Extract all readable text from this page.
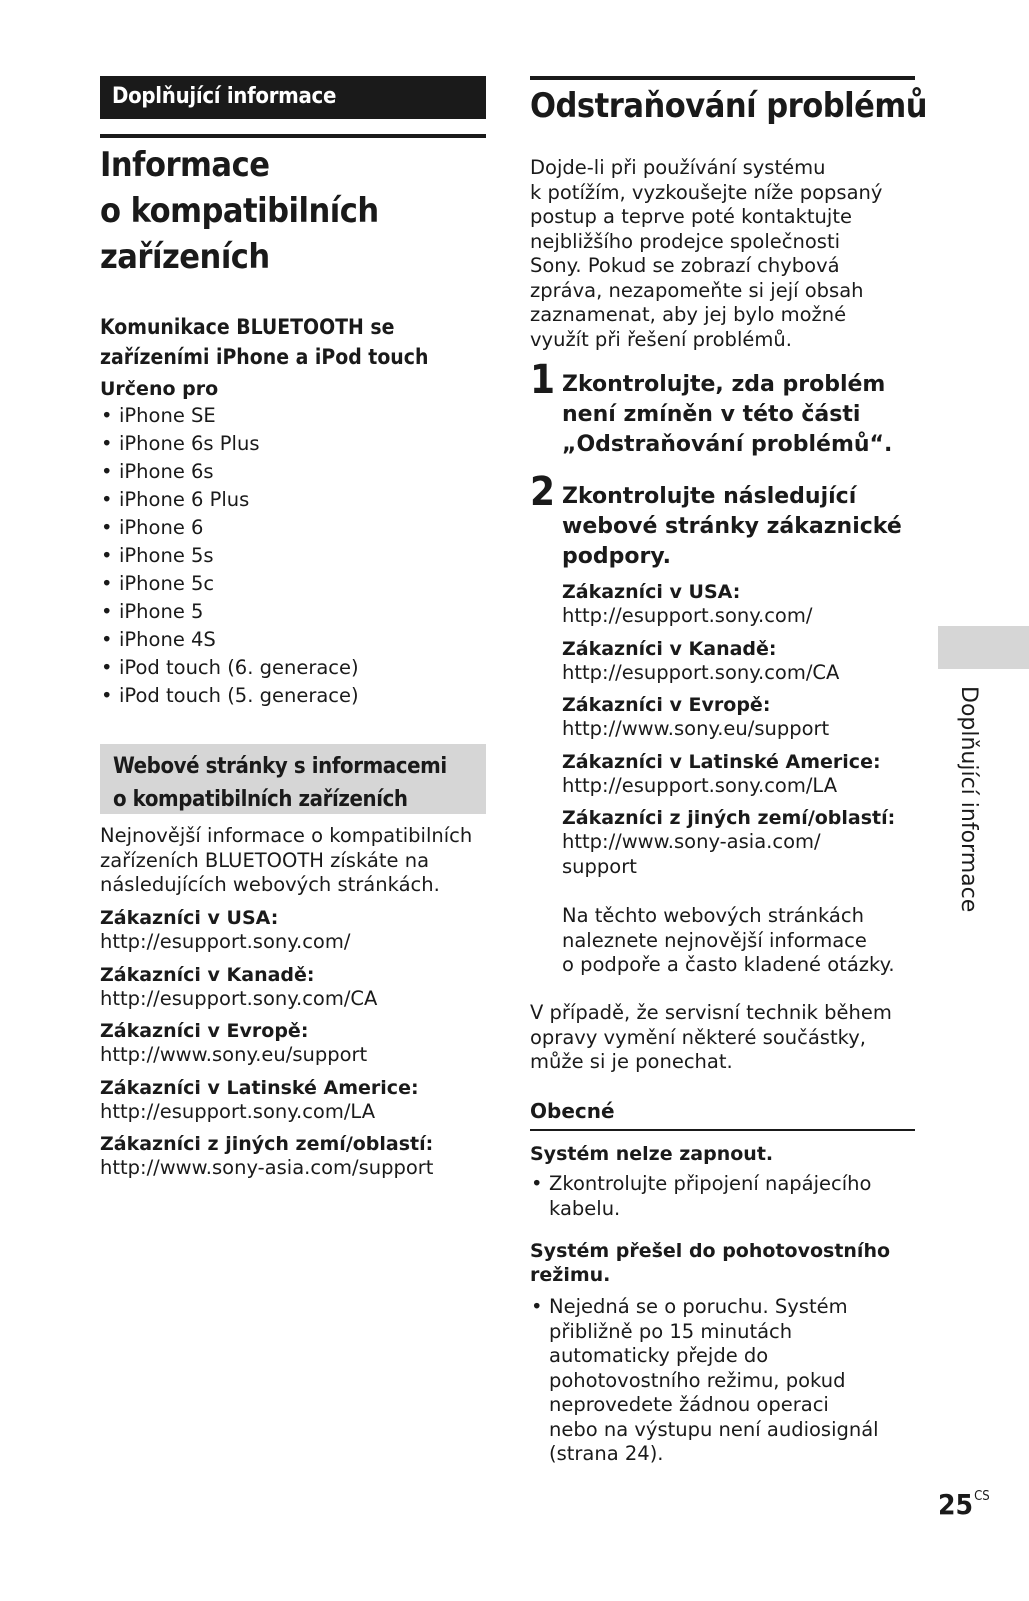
Doplňující informace
Informace
o kompatibilních
zařízeních
Komunikace BLUETOOTH se
zařízeními iPhone a iPod touch
Určeno pro
• iPhone SE
• iPhone 6s Plus
• iPhone 6s
• iPhone 6 Plus
• iPhone 6
• iPhone 5s
• iPhone 5c
• iPhone 5
• iPhone 4S
• iPod touch (6. generace)
• iPod touch (5. generace)
Webové stránky s informacemi
o kompatibilních zařízeních
Nejnovější informace o kompatibilních
zařízeních BLUETOOTH získáte na
následujících webových stránkách.
Zákazníci v USA:
http://esupport.sony.com/
Zákazníci v Kanadě:
http://esupport.sony.com/CA
Zákazníci v Evropě:
http://www.sony.eu/support
Zákazníci v Latinské Americe:
http://esupport.sony.com/LA
Zákazníci z jiných zemí/oblastí:
http://www.sony-asia.com/support
Odstraňování problémů
Dojde-li při používání systému
k potížím, vyzkoušejte níže popsaný
postup a teprve poté kontaktujte
nejbližšího prodejce společnosti
Sony. Pokud se zobrazí chybová
zpráva, nezapomeňte si její obsah
zaznamenat, aby jej bylo možné
využít při řešení problémů.
1 Zkontrolujte, zda problém
není zmíněn v této části
„Odstraňování problémů“.
2 Zkontrolujte následující
webové stránky zákaznické
podpory.
Zákazníci v USA:
http://esupport.sony.com/
Zákazníci v Kanadě:
http://esupport.sony.com/CA
Zákazníci v Evropě:
http://www.sony.eu/support
Zákazníci v Latinské Americe:
http://esupport.sony.com/LA
Zákazníci z jiných zemí/oblastí:
http://www.sony-asia.com/
support
Na těchto webových stránkách
naleznete nejnovější informace
o podpoře a často kladené otázky.
V případě, že servisní technik během
opravy vymění některé součástky,
může si je ponechat.
Obecné
Systém nelze zapnout.
• Zkontrolujte připojení napájecího
kabelu.
Systém přešel do pohotovostního
režimu.
• Nejedná se o poruchu. Systém
přibližně po 15 minutách
automaticky přejde do
pohotovostního režimu, pokud
neprovedete žádnou operaci
nebo na výstupu není audiosignál
(strana 24).
Doplňující informace
$25^{CS}$
